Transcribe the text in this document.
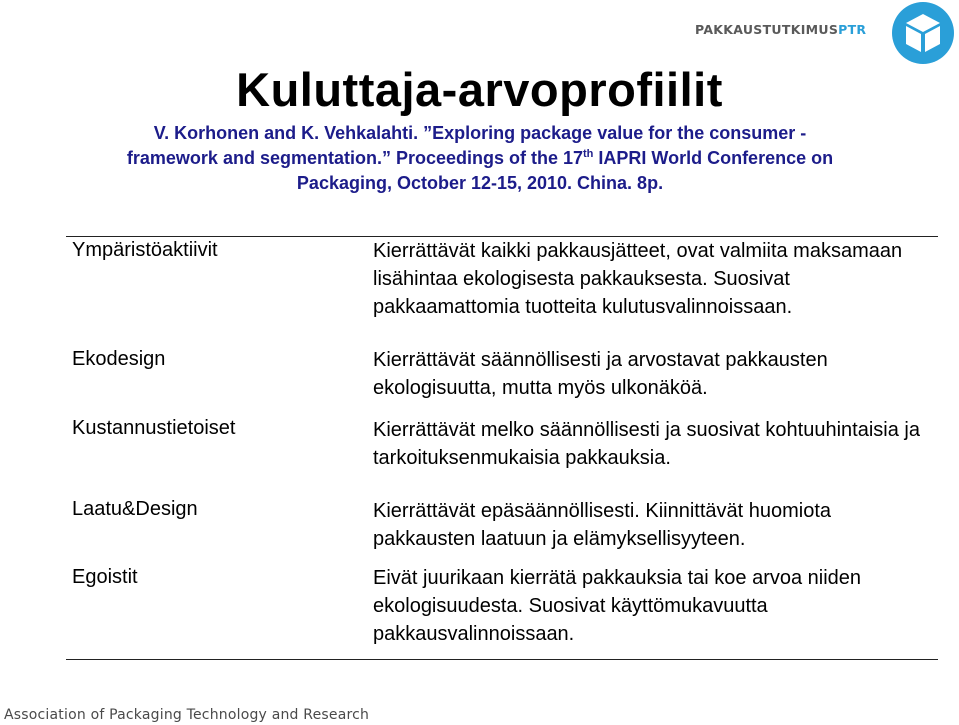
PAKKAUSTUTKIMUSPTR
Kuluttaja-arvoprofiilit
V. Korhonen and K. Vehkalahti. ”Exploring package value for the consumer -
framework and segmentation.” Proceedings of the 17th IAPRI World Conference on
Packaging, October 12-15, 2010. China. 8p.
Ympäristöaktiivit	Kierrättävät kaikki pakkausjätteet, ovat valmiita maksamaan lisähintaa ekologisesta pakkauksesta. Suosivat pakkaamattomia tuotteita kulutusvalinnoissaan.
Ekodesign	Kierrättävät säännöllisesti ja arvostavat pakkausten ekologisuutta, mutta myös ulkonäköä.
Kustannustietoiset	Kierrättävät melko säännöllisesti ja suosivat kohtuuhintaisia ja tarkoituksenmukaisia pakkauksia.
Laatu&Design	Kierrättävät epäsäännöllisesti. Kiinnittävät huomiota pakkausten laatuun ja elämyksellisyyteen.
Egoistit	Eivät juurikaan kierrätä pakkauksia tai koe arvoa niiden ekologisuudesta. Suosivat käyttömukavuutta pakkausvalinnoissaan.
Association of Packaging Technology and Research
